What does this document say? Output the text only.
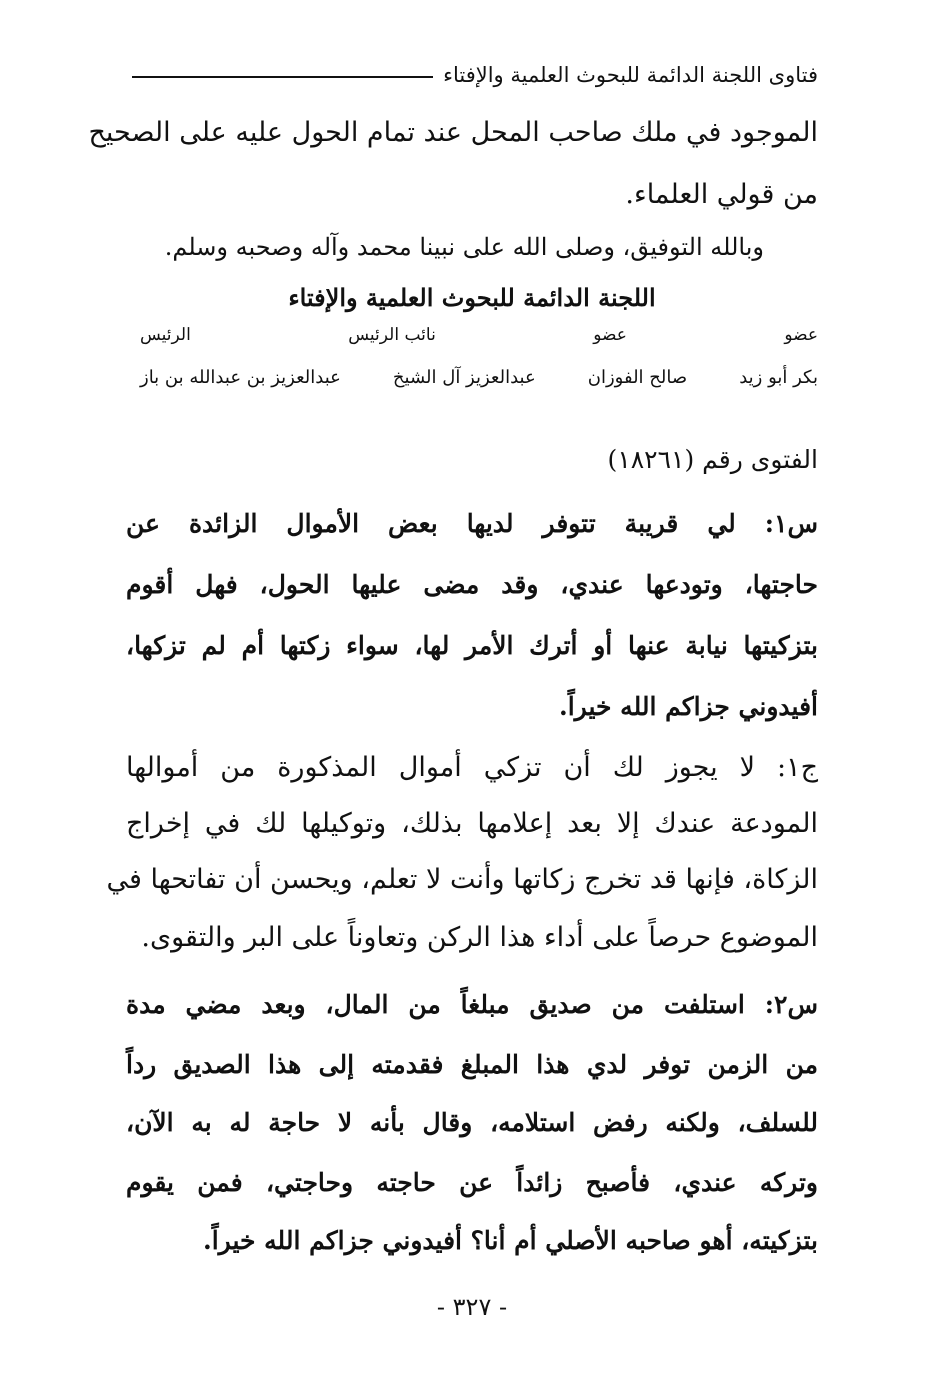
فتاوى اللجنة الدائمة للبحوث العلمية والإفتاء
الموجود في ملك صاحب المحل عند تمام الحول عليه على الصحيح
من قولي العلماء.
وبالله التوفيق، وصلى الله على نبينا محمد وآله وصحبه وسلم.
اللجنة الدائمة للبحوث العلمية والإفتاء
عضو
عضو
نائب الرئيس
الرئيس
بكر أبو زيد
صالح الفوزان
عبدالعزيز آل الشيخ
عبدالعزيز بن عبدالله بن باز
الفتوى رقم (١٨٢٦١)
س١: لي قريبة تتوفر لديها بعض الأموال الزائدة عن
حاجتها، وتودعها عندي، وقد مضى عليها الحول، فهل أقوم
بتزكيتها نيابة عنها أو أترك الأمر لها، سواء زكتها أم لم تزكها،
أفيدوني جزاكم الله خيراً.
ج١: لا يجوز لك أن تزكي أموال المذكورة من أموالها
المودعة عندك إلا بعد إعلامها بذلك، وتوكيلها لك في إخراج
الزكاة، فإنها قد تخرج زكاتها وأنت لا تعلم، ويحسن أن تفاتحها في
الموضوع حرصاً على أداء هذا الركن وتعاوناً على البر والتقوى.
س٢: استلفت من صديق مبلغاً من المال، وبعد مضي مدة
من الزمن توفر لدي هذا المبلغ فقدمته إلى هذا الصديق رداً
للسلف، ولكنه رفض استلامه، وقال بأنه لا حاجة له به الآن،
وتركه عندي، فأصبح زائداً عن حاجته وحاجتي، فمن يقوم
بتزكيته، أهو صاحبه الأصلي أم أنا؟ أفيدوني جزاكم الله خيراً.
- ٣٢٧ -
